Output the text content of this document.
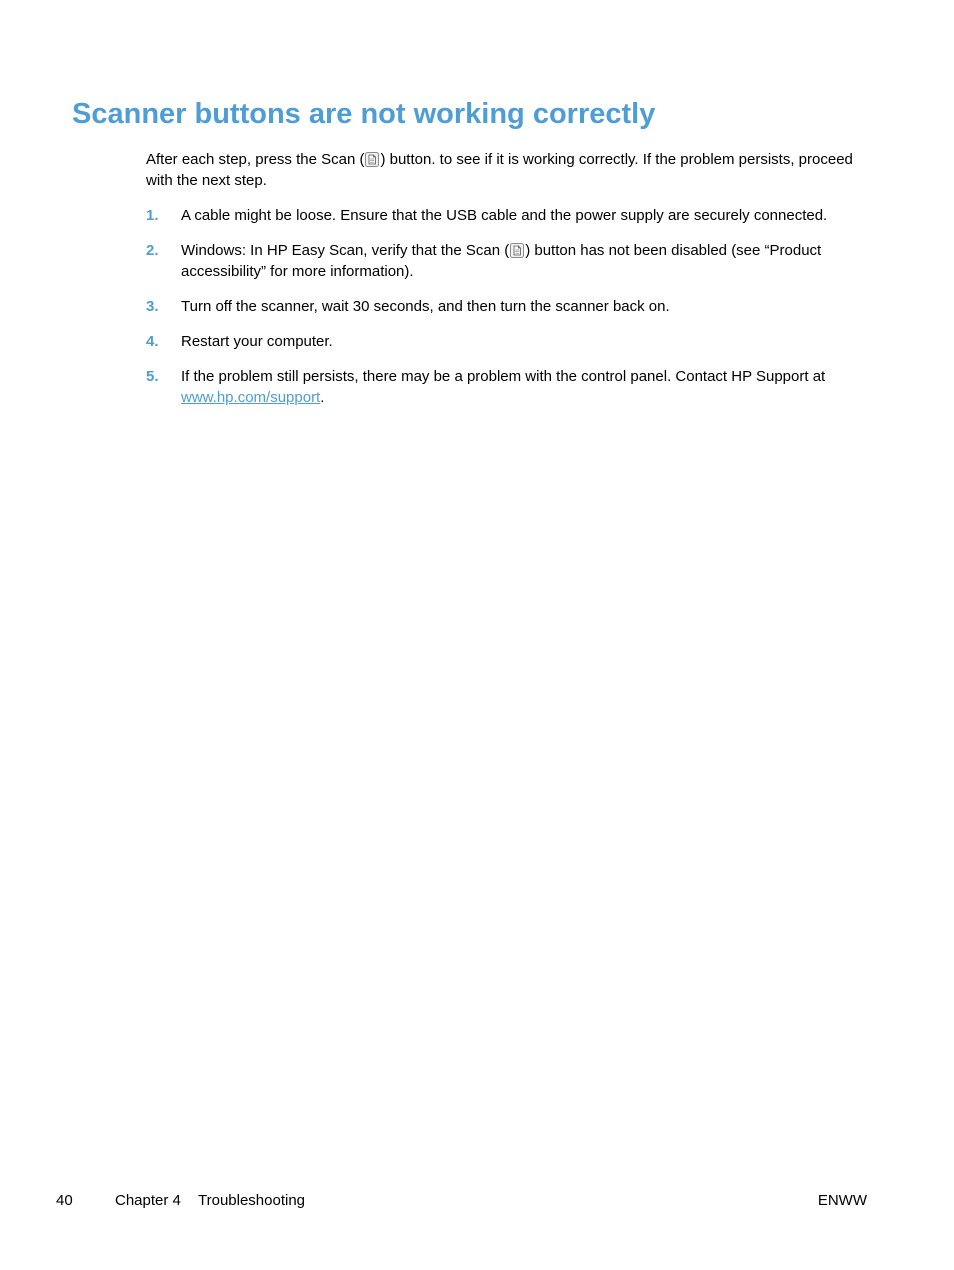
Scanner buttons are not working correctly

After each step, press the Scan ( ) button. to see if it is working correctly. If the problem persists, proceed with the next step.

1. A cable might be loose. Ensure that the USB cable and the power supply are securely connected.
2. Windows: In HP Easy Scan, verify that the Scan ( ) button has not been disabled (see “Product accessibility” for more information).
3. Turn off the scanner, wait 30 seconds, and then turn the scanner back on.
4. Restart your computer.
5. If the problem still persists, there may be a problem with the control panel. Contact HP Support at www.hp.com/support.
40	Chapter 4 Troubleshooting	ENWW
